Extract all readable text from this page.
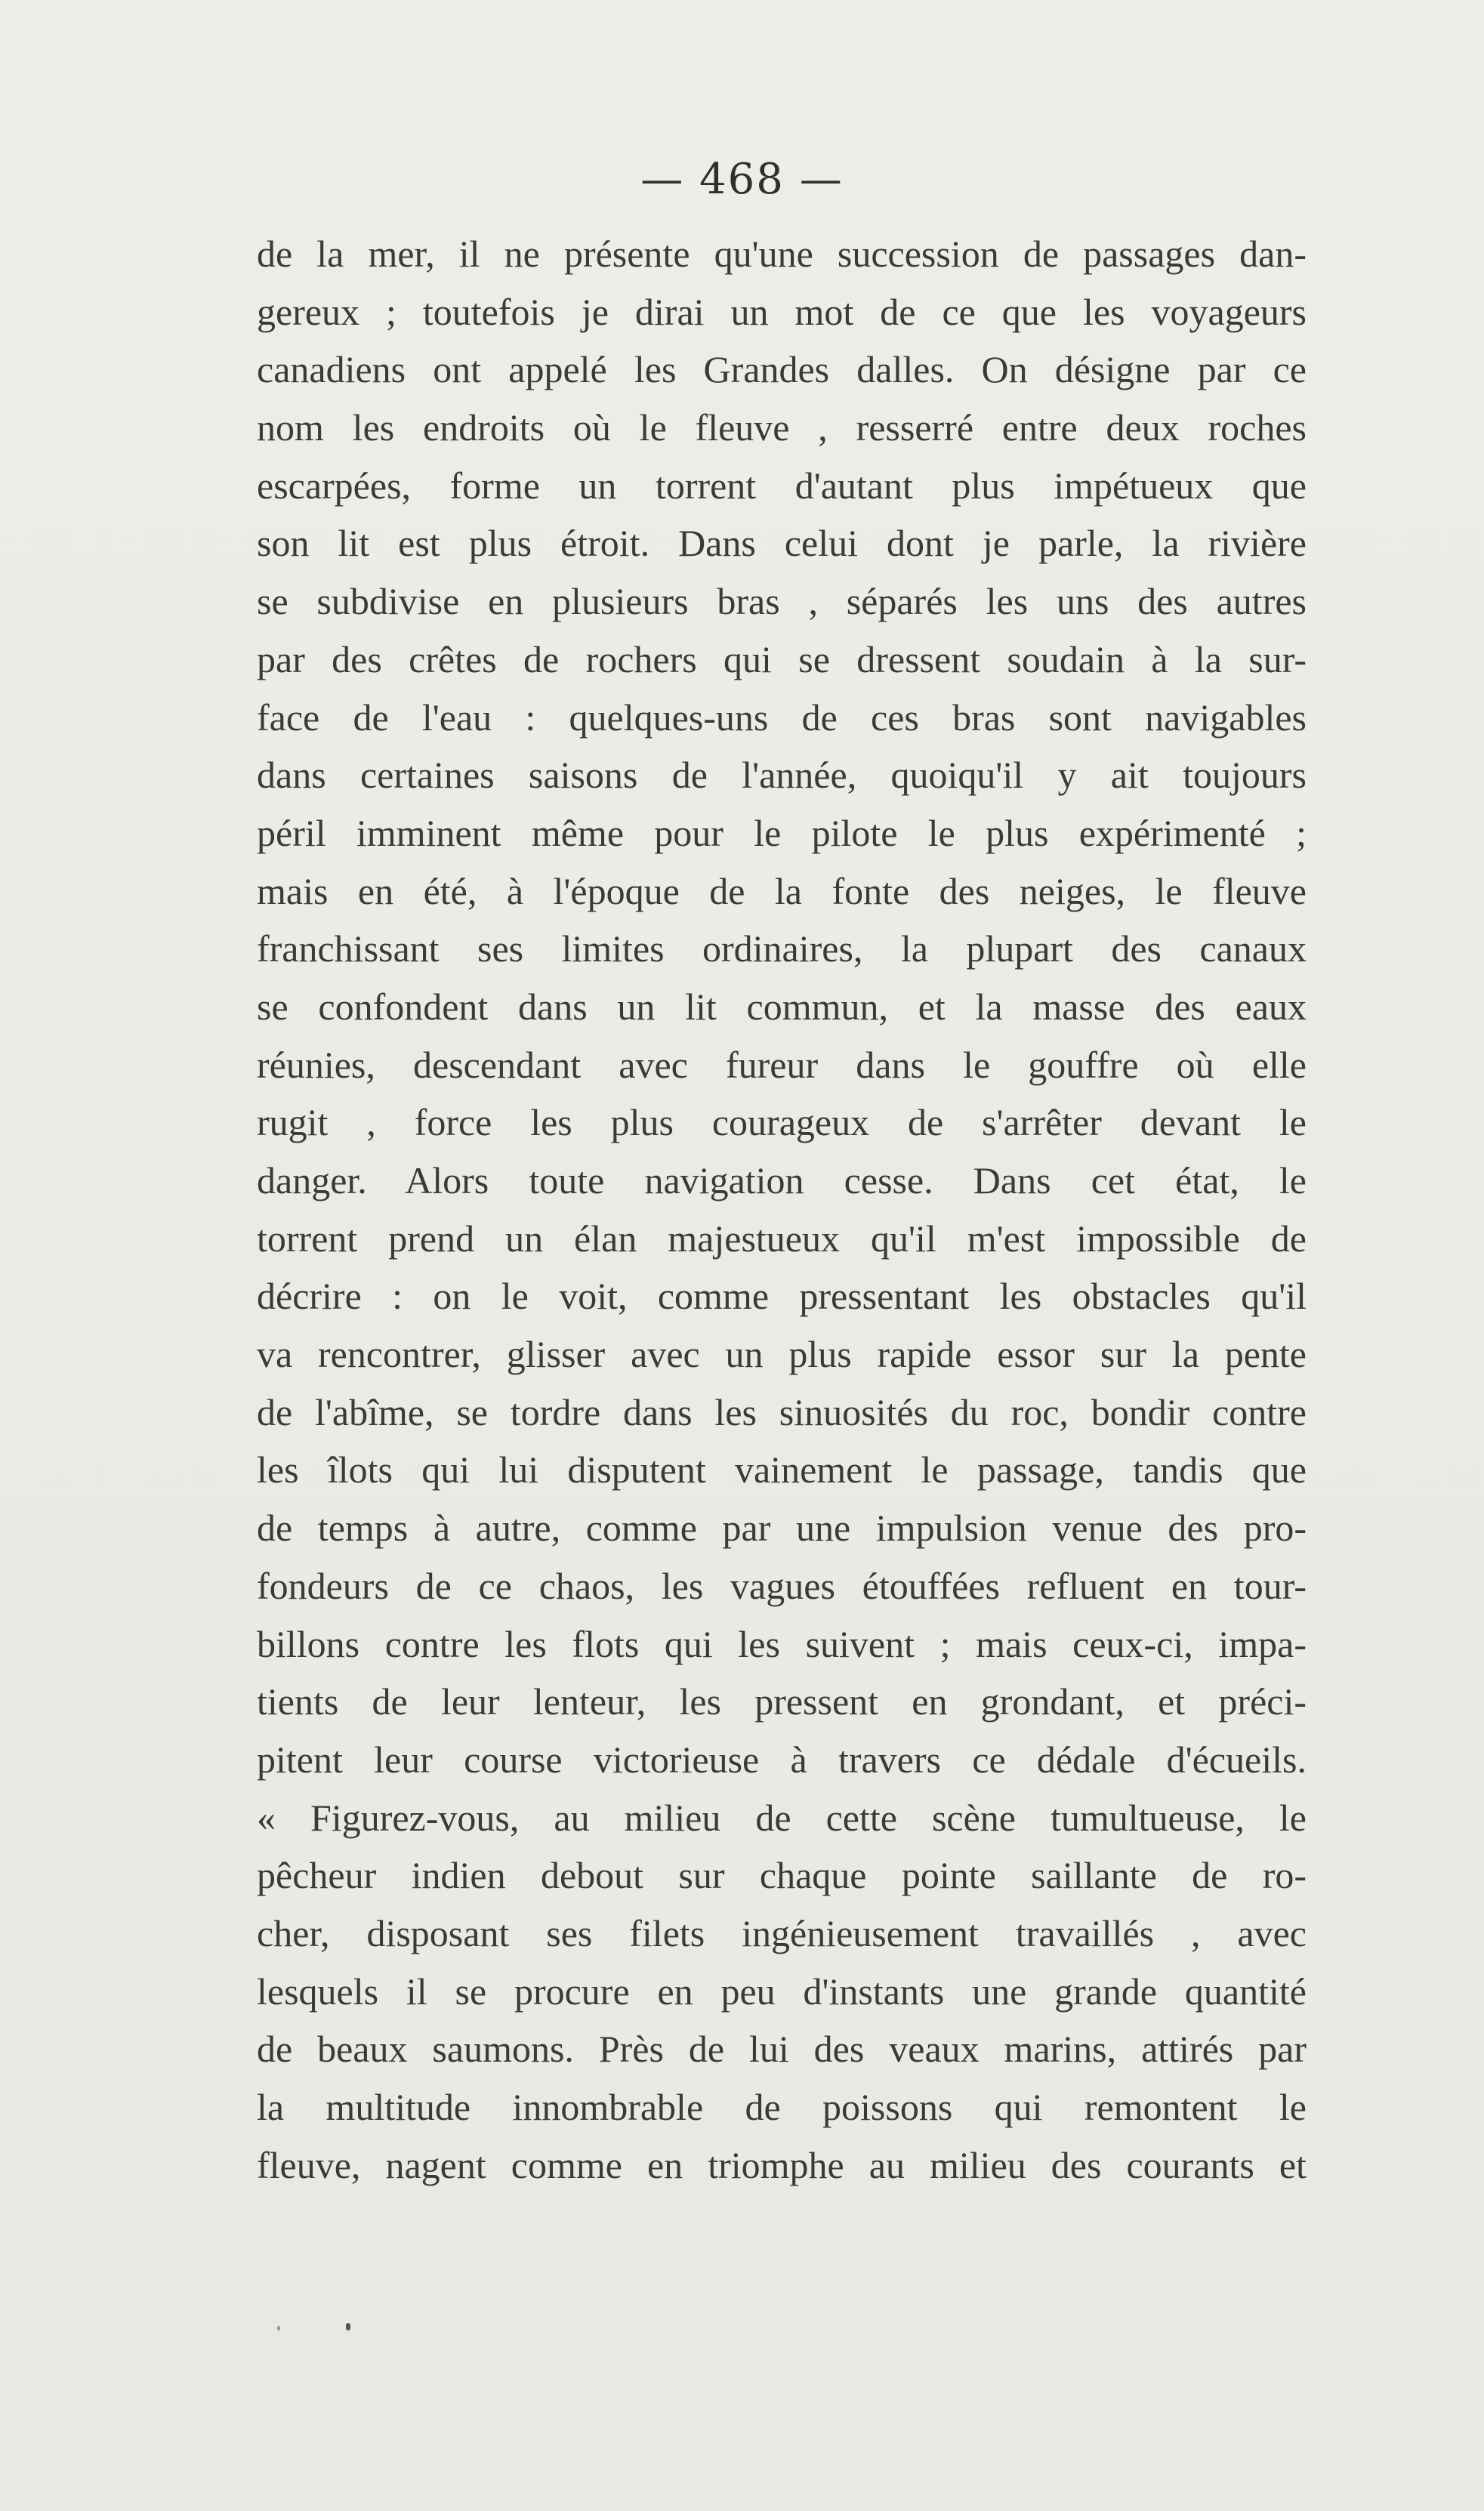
— 468 —
de la mer, il ne présente qu'une succession de passages dan-
gereux ; toutefois je dirai un mot de ce que les voyageurs
canadiens ont appelé les Grandes dalles. On désigne par ce
nom les endroits où le fleuve , resserré entre deux roches
escarpées, forme un torrent d'autant plus impétueux que
son lit est plus étroit. Dans celui dont je parle, la rivière
se subdivise en plusieurs bras , séparés les uns des autres
par des crêtes de rochers qui se dressent soudain à la sur-
face de l'eau : quelques-uns de ces bras sont navigables
dans certaines saisons de l'année, quoiqu'il y ait toujours
péril imminent même pour le pilote le plus expérimenté ;
mais en été, à l'époque de la fonte des neiges, le fleuve
franchissant ses limites ordinaires, la plupart des canaux
se confondent dans un lit commun, et la masse des eaux
réunies, descendant avec fureur dans le gouffre où elle
rugit , force les plus courageux de s'arrêter devant le
danger. Alors toute navigation cesse. Dans cet état, le
torrent prend un élan majestueux qu'il m'est impossible de
décrire : on le voit, comme pressentant les obstacles qu'il
va rencontrer, glisser avec un plus rapide essor sur la pente
de l'abîme, se tordre dans les sinuosités du roc, bondir contre
les îlots qui lui disputent vainement le passage, tandis que
de temps à autre, comme par une impulsion venue des pro-
fondeurs de ce chaos, les vagues étouffées refluent en tour-
billons contre les flots qui les suivent ; mais ceux-ci, impa-
tients de leur lenteur, les pressent en grondant, et préci-
pitent leur course victorieuse à travers ce dédale d'écueils.
« Figurez-vous, au milieu de cette scène tumultueuse, le
pêcheur indien debout sur chaque pointe saillante de ro-
cher, disposant ses filets ingénieusement travaillés , avec
lesquels il se procure en peu d'instants une grande quantité
de beaux saumons. Près de lui des veaux marins, attirés par
la multitude innombrable de poissons qui remontent le
fleuve, nagent comme en triomphe au milieu des courants et
